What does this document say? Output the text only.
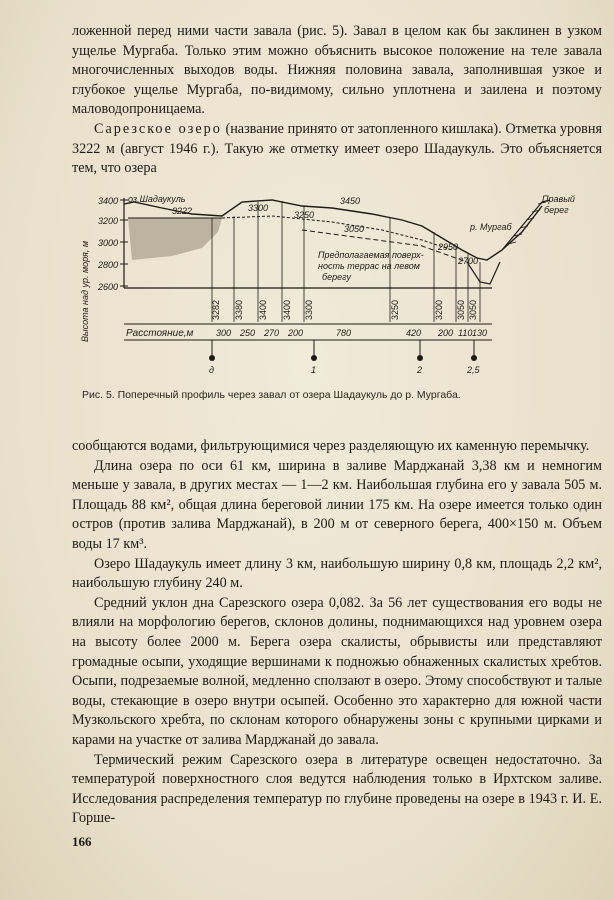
ложенной перед ними части завала (рис. 5). Завал в целом как бы заклинен в узком ущелье Мургаба. Только этим можно объяснить высокое положение на теле завала многочисленных выходов воды. Нижняя половина завала, заполнившая узкое и глубокое ущелье Мургаба, по-видимому, сильно уплотнена и заилена и поэтому маловодопроницаема.

Сарезское озеро (название принято от затопленного кишлака). Отметка уровня 3222 м (август 1946 г.). Такую же отметку имеет озеро Шадаукуль. Это объясняется тем, что озера

3400
3200
3000
2800
2600
Высота над ур. моря, м	3282 3380 3400 3400 3300	3250	3200 3050 3050
оз.Шадаукуль
3222	3300
3250
3450
3050	р. Мургаб
Правый
берег
Предполагаемая поверх-
ность террас на левом
берегу
2950
2700
Расстояние,м	300 250 270 200	780	420 200 110 130
д	1	2	2,5
Рис. 5. Поперечный профиль через завал от озера Шадаукуль до р. Мургаба.

сообщаются водами, фильтрующимися через разделяющую их каменную перемычку.

Длина озера по оси 61 км, ширина в заливе Марджанай 3,38 км и немногим меньше у завала, в других местах — 1—2 км. Наибольшая глубина его у завала 505 м. Площадь 88 км², общая длина береговой линии 175 км. На озере имеется только один остров (против залива Марджанай), в 200 м от северного берега, 400×150 м. Объем воды 17 км³.

Озеро Шадаукуль имеет длину 3 км, наибольшую ширину 0,8 км, площадь 2,2 км², наибольшую глубину 240 м.

Средний уклон дна Сарезского озера 0,082. За 56 лет существования его воды не влияли на морфологию берегов, склонов долины, поднимающихся над уровнем озера на высоту более 2000 м. Берега озера скалисты, обрывисты или представляют громадные осыпи, уходящие вершинами к подножью обнаженных скалистых хребтов. Осыпи, подрезаемые волной, медленно сползают в озеро. Этому способствуют и талые воды, стекающие в озеро внутри осыпей. Особенно это характерно для южной части Музкольского хребта, по склонам которого обнаружены зоны с крупными цирками и карами на участке от залива Марджанай до завала.

Термический режим Сарезского озера в литературе освещен недостаточно. За температурой поверхностного слоя ведутся наблюдения только в Ирхтском заливе. Исследования распределения температур по глубине проведены на озере в 1943 г. И. Е. Горше-

166
